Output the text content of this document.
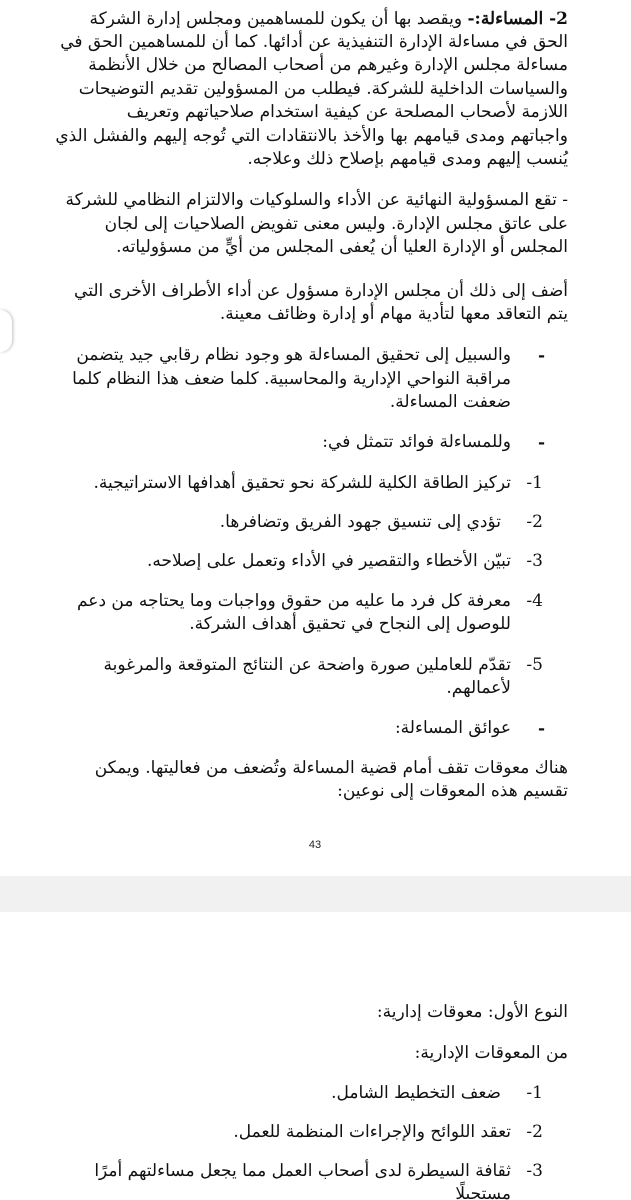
2- المساءلة:- ويقصد بها أن يكون للمساهمين ومجلس إدارة الشركة
الحق في مساءلة الإدارة التنفيذية عن أدائها. كما أن للمساهمين الحق في
مساءلة مجلس الإدارة وغيرهم من أصحاب المصالح من خلال الأنظمة
والسياسات الداخلية للشركة. فيطلب من المسؤولين تقديم التوضيحات
اللازمة لأصحاب المصلحة عن كيفية استخدام صلاحياتهم وتعريف
واجباتهم ومدى قيامهم بها والأخذ بالانتقادات التي تُوجه إليهم والفشل الذي
يُنسب إليهم ومدى قيامهم بإصلاح ذلك وعلاجه.
- تقع المسؤولية النهائية عن الأداء والسلوكيات والالتزام النظامي للشركة
على عاتق مجلس الإدارة. وليس معنى تفويض الصلاحيات إلى لجان
المجلس أو الإدارة العليا أن يُعفى المجلس من أيٍّ من مسؤولياته.
أضف إلى ذلك أن مجلس الإدارة مسؤول عن أداء الأطراف الأخرى التي
يتم التعاقد معها لتأدية مهام أو إدارة وظائف معينة.
-
والسبيل إلى تحقيق المساءلة هو وجود نظام رقابي جيد يتضمن
مراقبة النواحي الإدارية والمحاسبية. كلما ضعف هذا النظام كلما
ضعفت المساءلة.
-
وللمساءلة فوائد تتمثل في:
1-
تركيز الطاقة الكلية للشركة نحو تحقيق أهدافها الاستراتيجية.
2-
تؤدي إلى تنسيق جهود الفريق وتضافرها.
3-
تبيّن الأخطاء والتقصير في الأداء وتعمل على إصلاحه.
4-
معرفة كل فرد ما عليه من حقوق وواجبات وما يحتاجه من دعم
للوصول إلى النجاح في تحقيق أهداف الشركة.
5-
تقدّم للعاملين صورة واضحة عن النتائج المتوقعة والمرغوبة
لأعمالهم.
-
عوائق المساءلة:
هناك معوقات تقف أمام قضية المساءلة وتُضعف من فعاليتها. ويمكن
تقسيم هذه المعوقات إلى نوعين:
43
النوع الأول: معوقات إدارية:
من المعوقات الإدارية:
1-
ضعف التخطيط الشامل.
2-
تعقد اللوائح والإجراءات المنظمة للعمل.
3-
ثقافة السيطرة لدى أصحاب العمل مما يجعل مساءلتهم أمرًا
مستحيلًا
